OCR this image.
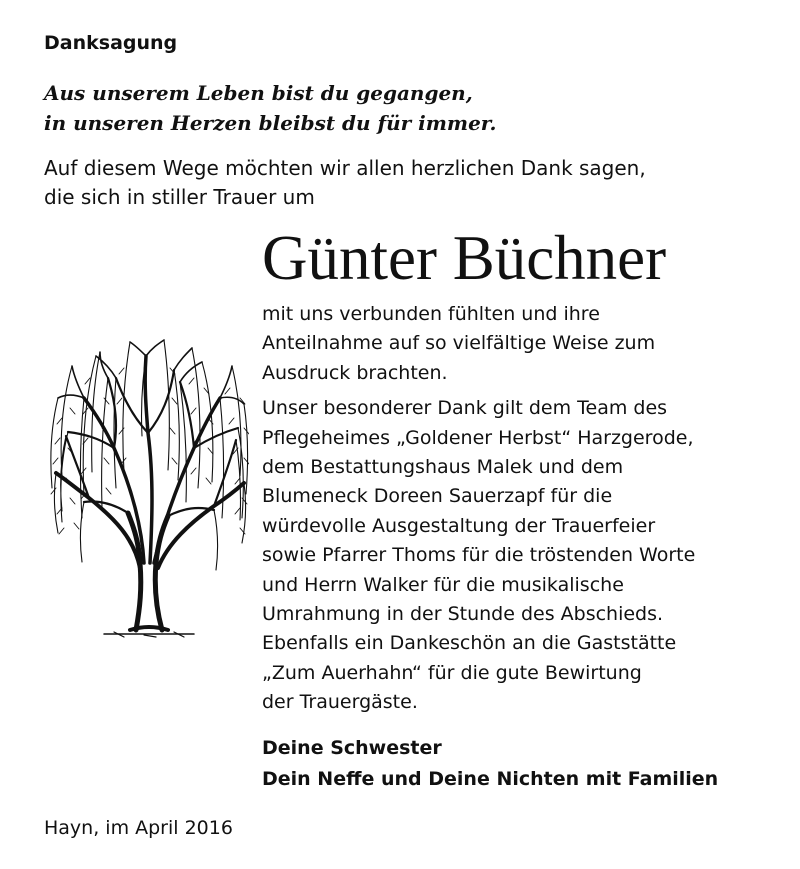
Danksagung
Aus unserem Leben bist du gegangen,
in unseren Herzen bleibst du für immer.
Auf diesem Wege möchten wir allen herzlichen Dank sagen,
die sich in stiller Trauer um
Günter Büchner
mit uns verbunden fühlten und ihre
Anteilnahme auf so vielfältige Weise zum
Ausdruck brachten.
Unser besonderer Dank gilt dem Team des
Pflegeheimes „Goldener Herbst“ Harzgerode,
dem Bestattungshaus Malek und dem
Blumeneck Doreen Sauerzapf für die
würdevolle Ausgestaltung der Trauerfeier
sowie Pfarrer Thoms für die tröstenden Worte
und Herrn Walker für die musikalische
Umrahmung in der Stunde des Abschieds.
Ebenfalls ein Dankeschön an die Gaststätte
„Zum Auerhahn“ für die gute Bewirtung
der Trauergäste.
Deine Schwester
Dein Neffe und Deine Nichten mit Familien
Hayn, im April 2016
